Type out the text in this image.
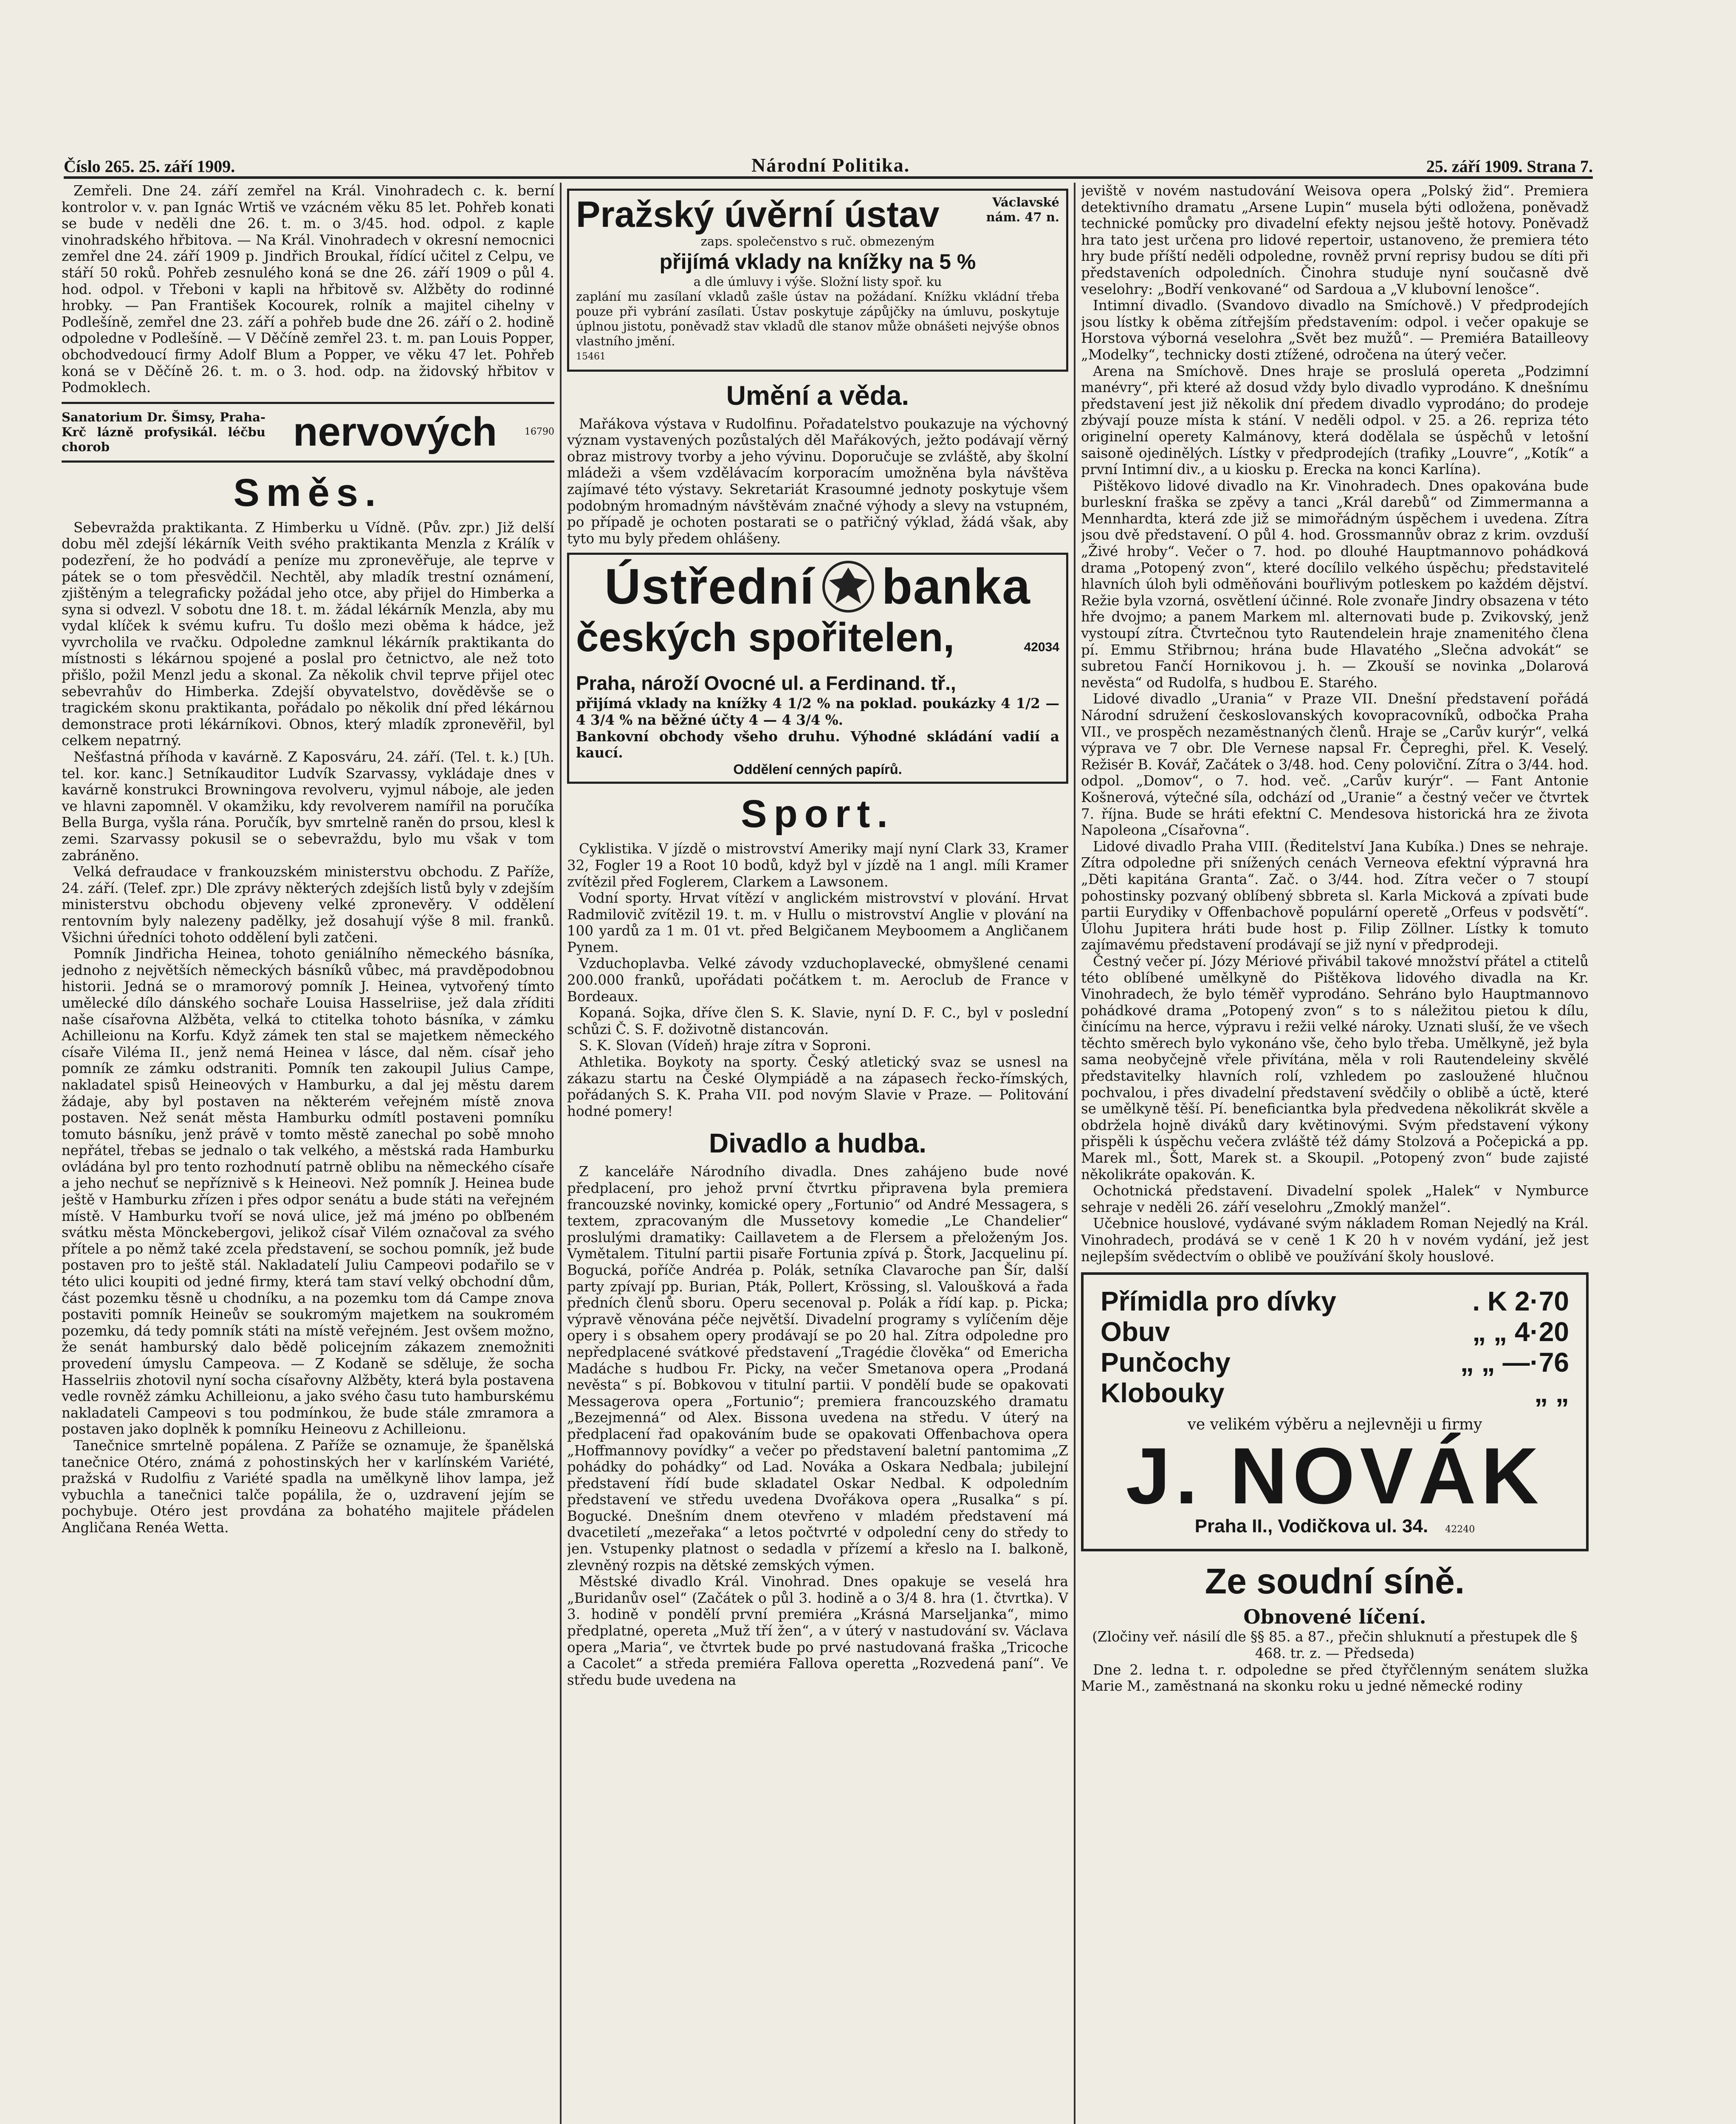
Číslo 265. 25. září 1909.	Národní Politika.	25. září 1909. Strana 7.

Zemřeli. Dne 24. září zemřel na Král. Vinohradech c. k. berní kontrolor v. v. pan Ignác Wrtiš ve vzácném věku 85 let. Pohřeb konati se bude v neděli dne 26. t. m. o 3/45. hod. odpol. z kaple vinohradského hřbitova. — Na Král. Vinohradech v okresní nemocnici zemřel dne 24. září 1909 p. Jindřich Broukal, řídící učitel z Celpu, ve stáří 50 roků. Pohřeb zesnulého koná se dne 26. září 1909 o půl 4. hod. odpol. v Třeboni v kapli na hřbitově sv. Alžběty do rodinné hrobky. — Pan František Kocourek, rolník a majitel cihelny v Podlešíně, zemřel dne 23. září a pohřeb bude dne 26. září o 2. hodině odpoledne v Podlešíně. — V Děčíně zemřel 23. t. m. pan Louis Popper, obchodvedoucí firmy Adolf Blum a Popper, ve věku 47 let. Pohřeb koná se v Děčíně 26. t. m. o 3. hod. odp. na židovský hřbitov v Podmoklech.

Sanatorium Dr. Šimsy, Praha-Krč lázně profysikál. léčbu chorob	nervových	16790
Směs.

Sebevražda praktikanta. Z Himberku u Vídně. (Pův. zpr.) Již delší dobu měl zdejší lékárník Veith svého praktikanta Menzla z Králík v podezření, že ho podvádí a peníze mu zpronevěřuje, ale teprve v pátek se o tom přesvědčil. Nechtěl, aby mladík trestní oznámení, zjištěným a telegraficky požádal jeho otce, aby přijel do Himberka a syna si odvezl. V sobotu dne 18. t. m. žádal lékárník Menzla, aby mu vydal klíček k svému kufru. Tu došlo mezi oběma k hádce, jež vyvrcholila ve rvačku. Odpoledne zamknul lékárník praktikanta do místnosti s lékárnou spojené a poslal pro četnictvo, ale než toto přišlo, požil Menzl jedu a skonal. Za několik chvil teprve přijel otec sebevrahův do Himberka. Zdejší obyvatelstvo, dověděvše se o tragickém skonu praktikanta, pořádalo po několik dní před lékárnou demonstrace proti lékárníkovi. Obnos, který mladík zpronevěřil, byl celkem nepatrný.

Nešťastná příhoda v kavárně. Z Kaposváru, 24. září. (Tel. t. k.) [Uh. tel. kor. kanc.] Setníkauditor Ludvík Szarvassy, vykládaje dnes v kavárně konstrukci Browningova revolveru, vyjmul náboje, ale jeden ve hlavni zapomněl. V okamžiku, kdy revolverem namířil na poručíka Bella Burga, vyšla rána. Poručík, byv smrtelně raněn do prsou, klesl k zemi. Szarvassy pokusil se o sebevraždu, bylo mu však v tom zabráněno.

Velká defraudace v frankouzském ministerstvu obchodu. Z Paříže, 24. září. (Telef. zpr.) Dle zprávy některých zdejších listů byly v zdejším ministerstvu obchodu objeveny velké zpronevěry. V oddělení rentovním byly nalezeny padělky, jež dosahují výše 8 mil. franků. Všichni úředníci tohoto oddělení byli zatčeni.

Pomník Jindřicha Heinea, tohoto geniálního německého básníka, jednoho z největších německých básníků vůbec, má pravděpodobnou historii. Jedná se o mramorový pomník J. Heinea, vytvořený tímto umělecké dílo dánského sochaře Louisa Hasselriise, jež dala zříditi naše císařovna Alžběta, velká to ctitelka tohoto básníka, v zámku Achilleionu na Korfu. Když zámek ten stal se majetkem německého císaře Viléma II., jenž nemá Heinea v lásce, dal něm. císař jeho pomník ze zámku odstraniti. Pomník ten zakoupil Julius Campe, nakladatel spisů Heineových v Hamburku, a dal jej městu darem žádaje, aby byl postaven na některém veřejném místě znova postaven. Než senát města Hamburku odmítl postaveni pomníku tomuto básníku, jenž právě v tomto městě zanechal po sobě mnoho nepřátel, třebas se jednalo o tak velkého, a městská rada Hamburku ovládána byl pro tento rozhodnutí patrně oblibu na německého císaře a jeho nechuť se nepříznivě s k Heineovi. Než pomník J. Heinea bude ještě v Hamburku zřízen i přes odpor senátu a bude státi na veřejném místě. V Hamburku tvoří se nová ulice, jež má jméno po obľbeném svátku města Mönckebergovi, jelikož císař Vilém označoval za svého přítele a po němž také zcela představení, se sochou pomník, jež bude postaven pro to ještě stál. Nakladatelí Juliu Campeovi podařilo se v této ulici koupiti od jedné firmy, která tam staví velký obchodní dům, část pozemku těsně u chodníku, a na pozemku tom dá Campe znova postaviti pomník Heineův se soukromým majetkem na soukromém pozemku, dá tedy pomník státi na místě veřejném. Jest ovšem možno, že senát hamburský dalo bědě policejním zákazem znemožniti provedení úmyslu Campeova. — Z Kodaně se sděluje, že socha Hasselriis zhotovil nyní socha císařovny Alžběty, která byla postavena vedle rovněž zámku Achilleionu, a jako svého času tuto hamburskému nakladateli Campeovi s tou podmínkou, že bude stále zmramora a postaven jako doplněk k pomníku Heineovu z Achilleionu.

Tanečnice smrtelně popálena. Z Paříže se oznamuje, že španělská tanečnice Otéro, známá z pohostinských her v karlínském Variété, pražská v Rudolfiu z Variété spadla na umělkyně lihov lampa, jež vybuchla a tanečnici talče popálila, že o, uzdravení jejím se pochybuje. Otéro jest provdána za bohatého majitele přádelen Angličana Renéa Wetta.

Pražský úvěrní ústav	Václavské nám. 47 n.
zaps. společenstvo s ruč. obmezeným
přijímá vklady na knížky na 5 %
a dle úmluvy i výše. Složní listy spoř. ku
zaplání mu zasílaní vkladů zašle ústav na požádaní. Knížku vkládní třeba pouze při vybrání zasílati. Ústav poskytuje zápůjčky na úmluvu, poskytuje úplnou jistotu, poněvadž stav vkladů dle stanov může obnášeti nejvýše obnos vlastního jmění.
15461
Umění a věda.

Mařákova výstava v Rudolfinu. Pořadatelstvo poukazuje na výchovný význam vystavených pozůstalých děl Mařákových, ježto podávají věrný obraz mistrovy tvorby a jeho vývinu. Doporučuje se zvláště, aby školní mládeži a všem vzdělávacím korporacím umožněna byla návštěva zajímavé této výstavy. Sekretariát Krasoumné jednoty poskytuje všem podobným hromadným návštěvám značné výhody a slevy na vstupném, po případě je ochoten postarati se o patřičný výklad, žádá však, aby tyto mu byly předem ohlášeny.

Ústřední banka
českých spořitelen,	42034
Praha, nároží Ovocné ul. a Ferdinand. tř.,
přijímá vklady na knížky 4 1/2 % na poklad. poukázky 4 1/2 — 4 3/4 % na běžné účty 4 — 4 3/4 %.
Bankovní obchody všeho druhu. Výhodné skládání vadií a kaucí.
Oddělení cenných papírů.
Sport.

Cyklistika. V jízdě o mistrovství Ameriky mají nyní Clark 33, Kramer 32, Fogler 19 a Root 10 bodů, když byl v jízdě na 1 angl. míli Kramer zvítězil před Foglerem, Clarkem a Lawsonem.

Vodní sporty. Hrvat vítězí v anglickém mistrovství v plování. Hrvat Radmilovič zvítězil 19. t. m. v Hullu o mistrovství Anglie v plování na 100 yardů za 1 m. 01 vt. před Belgičanem Meyboomem a Angličanem Pynem.

Vzduchoplavba. Velké závody vzduchoplavecké, obmyšlené cenami 200.000 franků, upořádati počátkem t. m. Aeroclub de France v Bordeaux.

Kopaná. Sojka, dříve člen S. K. Slavie, nyní D. F. C., byl v poslední schůzi Č. S. F. doživotně distancován.

S. K. Slovan (Vídeň) hraje zítra v Soproni.

Athletika. Boykoty na sporty. Český atletický svaz se usnesl na zákazu startu na České Olympiádě a na zápasech řecko-římských, pořádaných S. K. Praha VII. pod novým Slavie v Praze. — Politování hodné pomery!

Divadlo a hudba.

Z kanceláře Národního divadla. Dnes zahájeno bude nové předplacení, pro jehož první čtvrtku připravena byla premiera francouzské novinky, komické opery „Fortunio“ od André Messagera, s textem, zpracovaným dle Mussetovy komedie „Le Chandelier“ proslulými dramatiky: Caillavetem a de Flersem a přeloženým Jos. Vymětalem. Titulní partii pisaře Fortunia zpívá p. Štork, Jacquelinu pí. Bogucká, poříče Andréa p. Polák, setníka Clavaroche pan Šír, další party zpívají pp. Burian, Pták, Pollert, Krössing, sl. Valoušková a řada předních členů sboru. Operu secenoval p. Polák a řídí kap. p. Picka; výpravě věnována péče největší. Divadelní programy s vylíčením děje opery i s obsahem opery prodávají se po 20 hal. Zítra odpoledne pro nepředplacené svátkové představení „Tragédie člověka“ od Emericha Madáche s hudbou Fr. Picky, na večer Smetanova opera „Prodaná nevěsta“ s pí. Bobkovou v titulní partii. V pondělí bude se opakovati Messagerova opera „Fortunio“; premiera francouzského dramatu „Bezejmenná“ od Alex. Bissona uvedena na středu. V úterý na předplacení řad opakováním bude se opakovati Offenbachova opera „Hoffmannovy povídky“ a večer po představení baletní pantomima „Z pohádky do pohádky“ od Lad. Nováka a Oskara Nedbala; jubilejní představení řídí bude skladatel Oskar Nedbal. K odpoledním představení ve středu uvedena Dvořákova opera „Rusalka“ s pí. Bogucké. Dnešním dnem otevřeno v mladém představení má dvacetiletí „mezeřaka“ a letos počtvrté v odpolední ceny do středy to jen. Vstupenky platnost o sedadla v přízemí a křeslo na I. balkoně, zlevněný rozpis na dětské zemských výmen.

Městské divadlo Král. Vinohrad. Dnes opakuje se veselá hra „Buridanův osel“ (Začátek o půl 3. hodině a o 3/4 8. hra (1. čtvrtka). V 3. hodině v pondělí první premiéra „Krásná Marseljanka“, mimo předplatné, opereta „Muž tří žen“, a v úterý v nastudování sv. Václava opera „Maria“, ve čtvrtek bude po prvé nastudovaná fraška „Tricoche a Cacolet“ a středa premiéra Fallova operetta „Rozvedená paní“. Ve středu bude uvedena na

jeviště v novém nastudování Weisova opera „Polský žid“. Premiera detektivního dramatu „Arsene Lupin“ musela býti odložena, poněvadž technické pomůcky pro divadelní efekty nejsou ještě hotovy. Poněvadž hra tato jest určena pro lidové repertoir, ustanoveno, že premiera této hry bude příští neděli odpoledne, rovněž první reprisy budou se díti při představeních odpoledních. Činohra studuje nyní současně dvě veselohry: „Bodří venkované“ od Sardoua a „V klubovní lenošce“.

Intimní divadlo. (Svandovo divadlo na Smíchově.) V předprodejích jsou lístky k oběma zítřejším představením: odpol. i večer opakuje se Horstova výborná veselohra „Svět bez mužů“. — Premiéra Batailleovy „Modelky“, technicky dosti ztížené, odročena na úterý večer.

Arena na Smíchově. Dnes hraje se proslulá opereta „Podzimní manévry“, při které až dosud vždy bylo divadlo vyprodáno. K dnešnímu představení jest již několik dní předem divadlo vyprodáno; do prodeje zbývají pouze místa k stání. V neděli odpol. v 25. a 26. repriza této originelní operety Kalmánovy, která dodělala se úspěchů v letošní saisoně ojedinělých. Lístky v předprodejích (trafiky „Louvre“, „Kotík“ a první Intimní div., a u kiosku p. Erecka na konci Karlína).

Pištěkovo lidové divadlo na Kr. Vinohradech. Dnes opakována bude burleskní fraška se zpěvy a tanci „Král darebů“ od Zimmermanna a Mennhardta, která zde již se mimořádným úspěchem i uvedena. Zítra jsou dvě představení. O půl 4. hod. Grossmannův obraz z krim. ovzduší „Živé hroby“. Večer o 7. hod. po dlouhé Hauptmannovo pohádková drama „Potopený zvon“, které docílilo velkého úspěchu; představitelé hlavních úloh byli odměňováni bouřlivým potleskem po každém dějství. Režie byla vzorná, osvětlení účinné. Role zvonaře Jindry obsazena v této hře dvojmo; a panem Markem ml. alternovati bude p. Zvikovský, jenž vystoupí zítra. Čtvrtečnou tyto Rautendelein hraje znamenitého člena pí. Emmu Střibrnou; hrána bude Hlavatého „Slečna advokát“ se subretou Fančí Hornikovou j. h. — Zkouší se novinka „Dolarová nevěsta“ od Rudolfa, s hudbou E. Starého.

Lidové divadlo „Urania“ v Praze VII. Dnešní představení pořádá Národní sdružení českoslovanských kovopracovníků, odbočka Praha VII., ve prospěch nezaměstnaných členů. Hraje se „Carův kurýr“, velká výprava ve 7 obr. Dle Vernese napsal Fr. Čepreghi, přel. K. Veselý. Režisér B. Kovář, Začátek o 3/48. hod. Ceny poloviční. Zítra o 3/44. hod. odpol. „Domov“, o 7. hod. več. „Carův kurýr“. — Fant Antonie Košnerová, výtečné síla, odchází od „Uranie“ a čestný večer ve čtvrtek 7. října. Bude se hráti efektní C. Mendesova historická hra ze života Napoleona „Císařovna“.

Lidové divadlo Praha VIII. (Ředitelství Jana Kubíka.) Dnes se nehraje. Zítra odpoledne při snížených cenách Verneova efektní výpravná hra „Děti kapitána Granta“. Zač. o 3/44. hod. Zítra večer o 7 stoupí pohostinsky pozvaný oblíbený sbbreta sl. Karla Micková a zpívati bude partii Eurydiky v Offenbachově populární operetě „Orfeus v podsvětí“. Úlohu Jupitera hráti bude host p. Filip Zöllner. Lístky k tomuto zajímavému představení prodávají se již nyní v předprodeji.

Čestný večer pí. Józy Mériové přivábil takové množství přátel a ctitelů této oblíbené umělkyně do Pištěkova lidového divadla na Kr. Vinohradech, že bylo téměř vyprodáno. Sehráno bylo Hauptmannovo pohádkové drama „Potopený zvon“ s to s náležitou pietou k dílu, činícímu na herce, výpravu i režii velké nároky. Uznati sluší, že ve všech těchto směrech bylo vykonáno vše, čeho bylo třeba. Umělkyně, jež byla sama neobyčejně vřele přivítána, měla v roli Rautendeleiny skvělé představitelky hlavních rolí, vzhledem po zasloužené hlučnou pochvalou, i přes divadelní představení svědčily o oblibě a úctě, které se umělkyně těší. Pí. beneficiantka byla předvedena několikrát skvěle a obdržela hojně diváků dary květinovými. Svým představení výkony přispěli k úspěchu večera zvláště též dámy Stolzová a Počepická a pp. Marek ml., Šott, Marek st. a Skoupil. „Potopený zvon“ bude zajisté několikráte opakován. K.

Ochotnická představení. Divadelní spolek „Halek“ v Nymburce sehraje v neděli 26. září veselohru „Zmoklý manžel“.

Učebnice houslové, vydávané svým nákladem Roman Nejedlý na Král. Vinohradech, prodává se v ceně 1 K 20 h v novém vydání, jež jest nejlepším svědectvím o oblibě ve používání školy houslové.

Přímidla pro dívky	. K 2·70
Obuv	„ „ 4·20
Punčochy	„ „ —·76
Klobouky	„ „
ve velikém výběru a nejlevněji u firmy
J. NOVÁK
Praha II., Vodičkova ul. 34. 42240
Ze soudní síně.
Obnovené líčení.

(Zločiny veř. násilí dle §§ 85. a 87., přečin shluknutí a přestupek dle § 468. tr. z. — Předseda)

Dne 2. ledna t. r. odpoledne se před čtyřčlenným senátem služka Marie M., zaměstnaná na skonku roku u jedné německé rodiny
